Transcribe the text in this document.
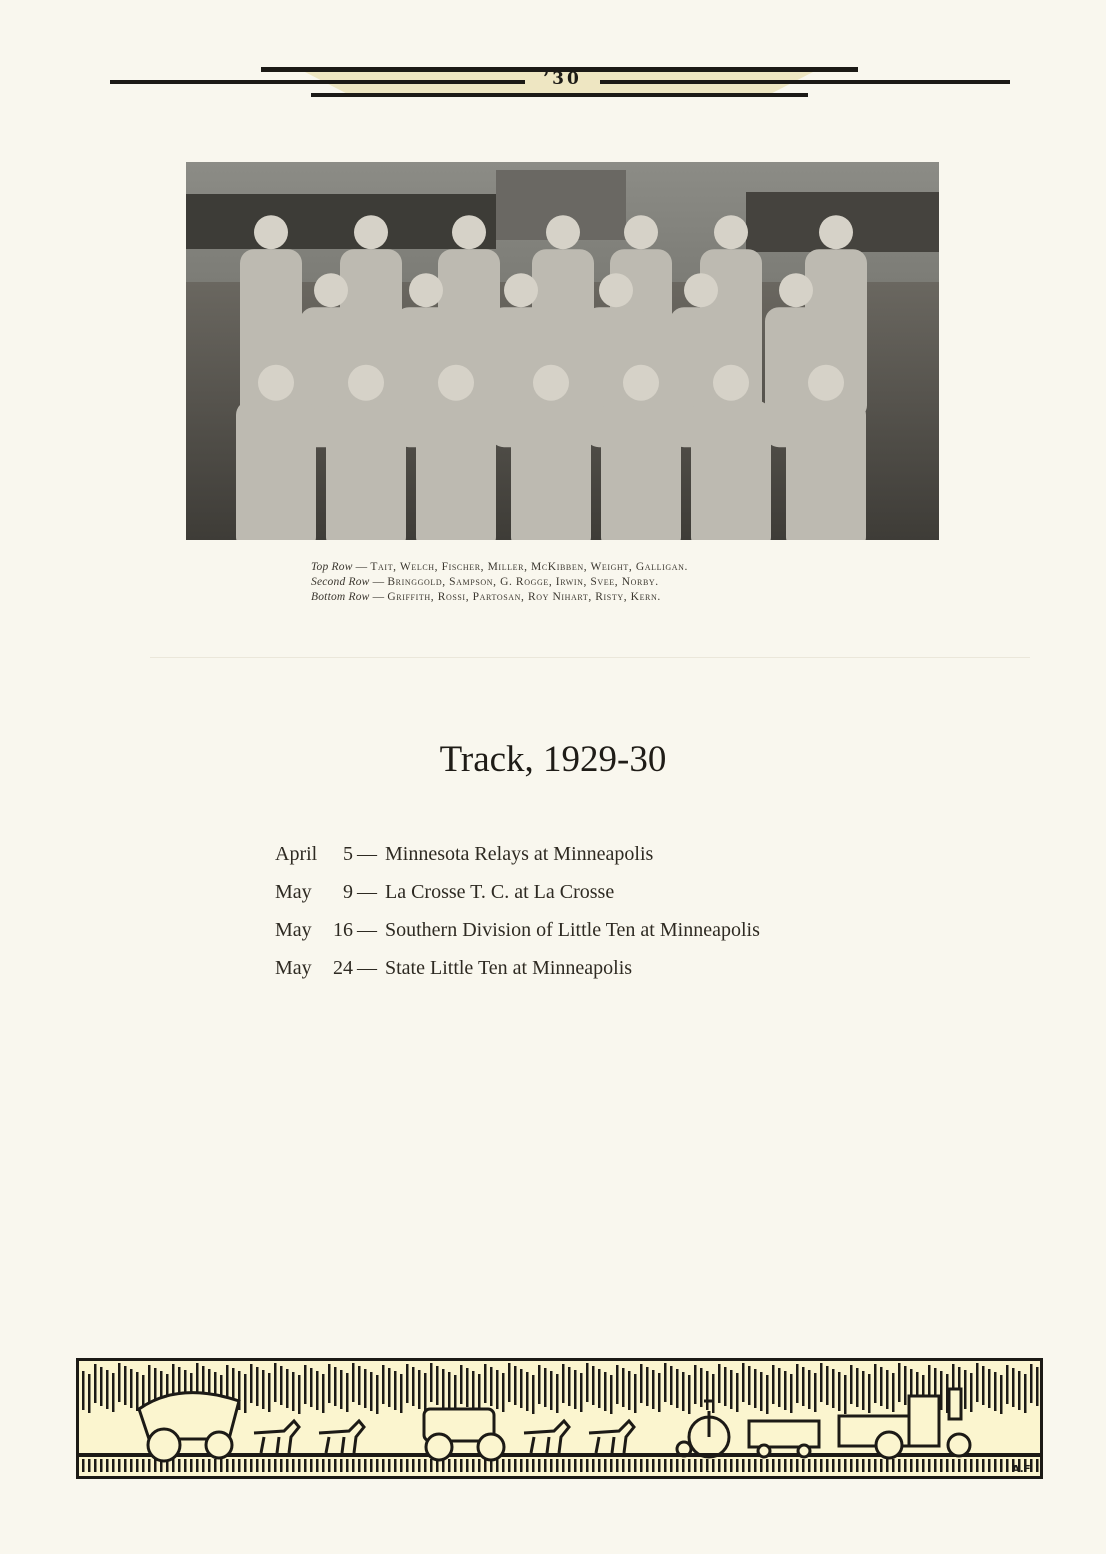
’30
Top Row — Tait, Welch, Fischer, Miller, McKibben, Weight, Galligan.
Second Row — Bringgold, Sampson, G. Rogge, Irwin, Svee, Norby.
Bottom Row — Griffith, Rossi, Partosan, Roy Nihart, Risty, Kern.
Track, 1929-30
April	5 — Minnesota Relays at Minneapolis
May	9 — La Crosse T. C. at La Crosse
May	16 — Southern Division of Little Ten at Minneapolis
May	24 — State Little Ten at Minneapolis
A.F.
